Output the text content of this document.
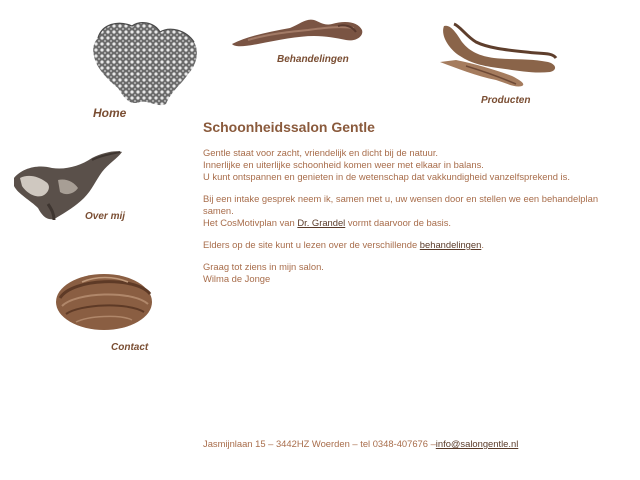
Home
Behandelingen
Producten
Over mij
Contact
Schoonheidssalon Gentle

Gentle staat voor zacht, vriendelijk en dicht bij de natuur.
Innerlijke en uiterlijke schoonheid komen weer met elkaar in balans.
U kunt ontspannen en genieten in de wetenschap dat vakkundigheid vanzelfsprekend is.

Bij een intake gesprek neem ik, samen met u, uw wensen door en stellen we een behandelplan samen.
Het CosMotivplan van Dr. Grandel vormt daarvoor de basis.

Elders op de site kunt u lezen over de verschillende behandelingen.

Graag tot ziens in mijn salon.
Wilma de Jonge

Jasmijnlaan 15 – 3442HZ Woerden – tel 0348-407676 –info@salongentle.nl
